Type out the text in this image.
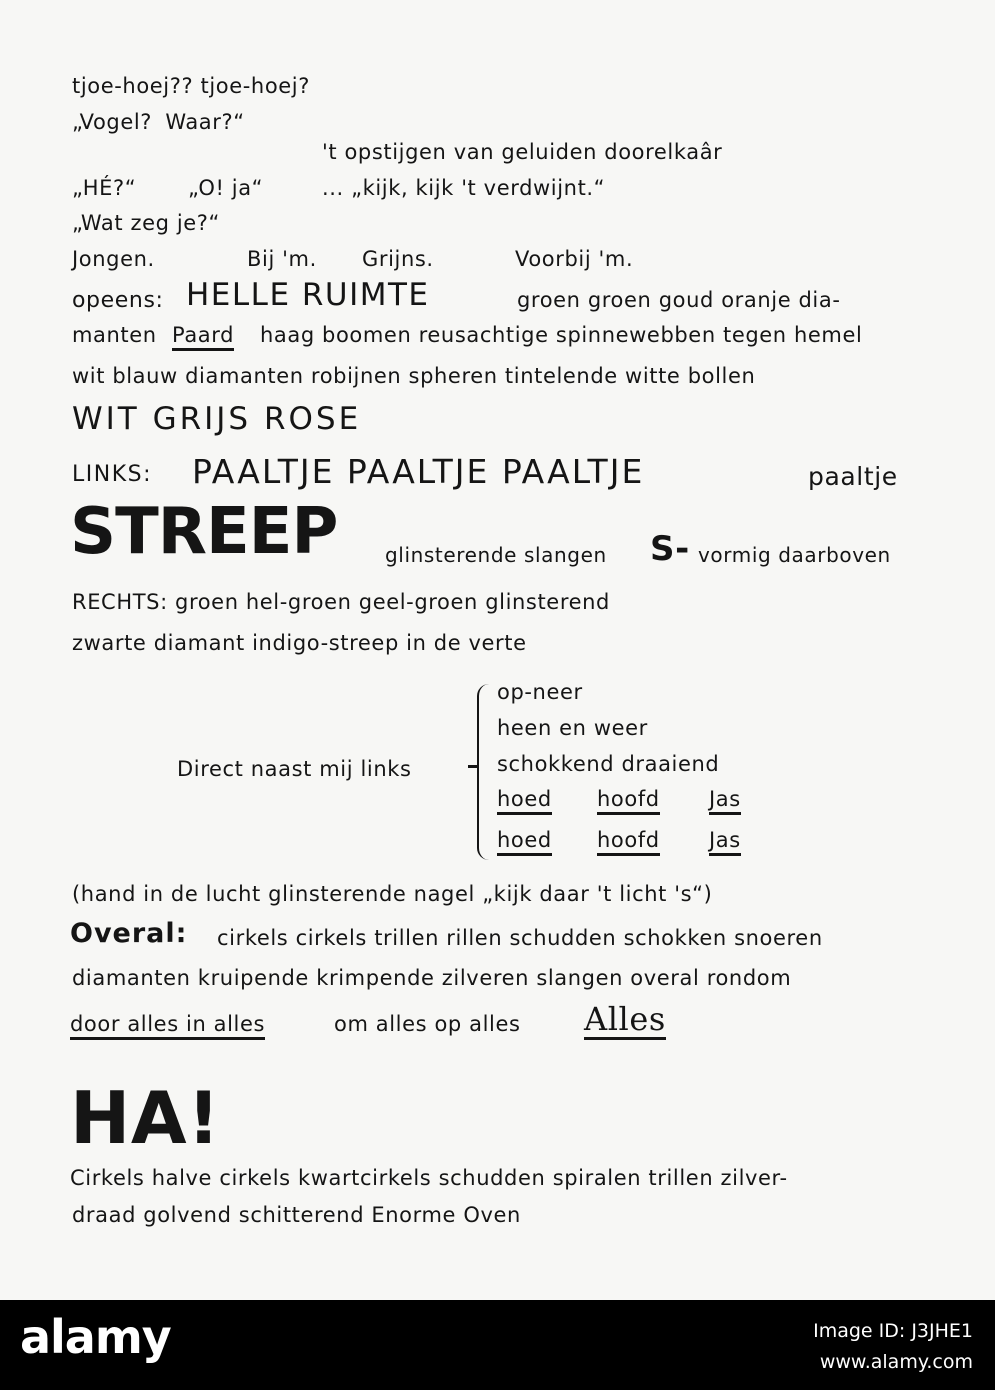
tjoe-hoej?? tjoe-hoej?
„Vogel? Waar?“
't opstijgen van geluiden doorelkaâr
„HÉ?“ „O! ja“	... „kijk, kijk 't verdwijnt.“
„Wat zeg je?“
Jongen.	Bij 'm. Grijns.	Voorbij 'm.
opeens: HELLE RUIMTE	groen groen goud oranje dia-
manten Paard haag boomen reusachtige spinnewebben tegen hemel
wit blauw diamanten robijnen spheren tintelende witte bollen
WIT GRIJS ROSE
LINKS: PAALTJE PAALTJE PAALTJE	paaltje
STREEP glinsterende slangen S- vormig daarboven
RECHTS: groen hel-groen geel-groen glinsterend
zwarte diamant indigo-streep in de verte
Direct naast mij links
op-neer
heen en weer
schokkend draaiend
hoed hoofd Jas
hoed hoofd Jas
(hand in de lucht glinsterende nagel „kijk daar 't licht 's“)
Overal: cirkels cirkels trillen rillen schudden schokken snoeren
diamanten kruipende krimpende zilveren slangen overal rondom
door alles in alles	om alles op alles Alles
HA!
Cirkels halve cirkels kwartcirkels schudden spiralen trillen zilver-
draad golvend schitterend Enorme Oven
alamy	Image ID: J3JHE1
www.alamy.com
